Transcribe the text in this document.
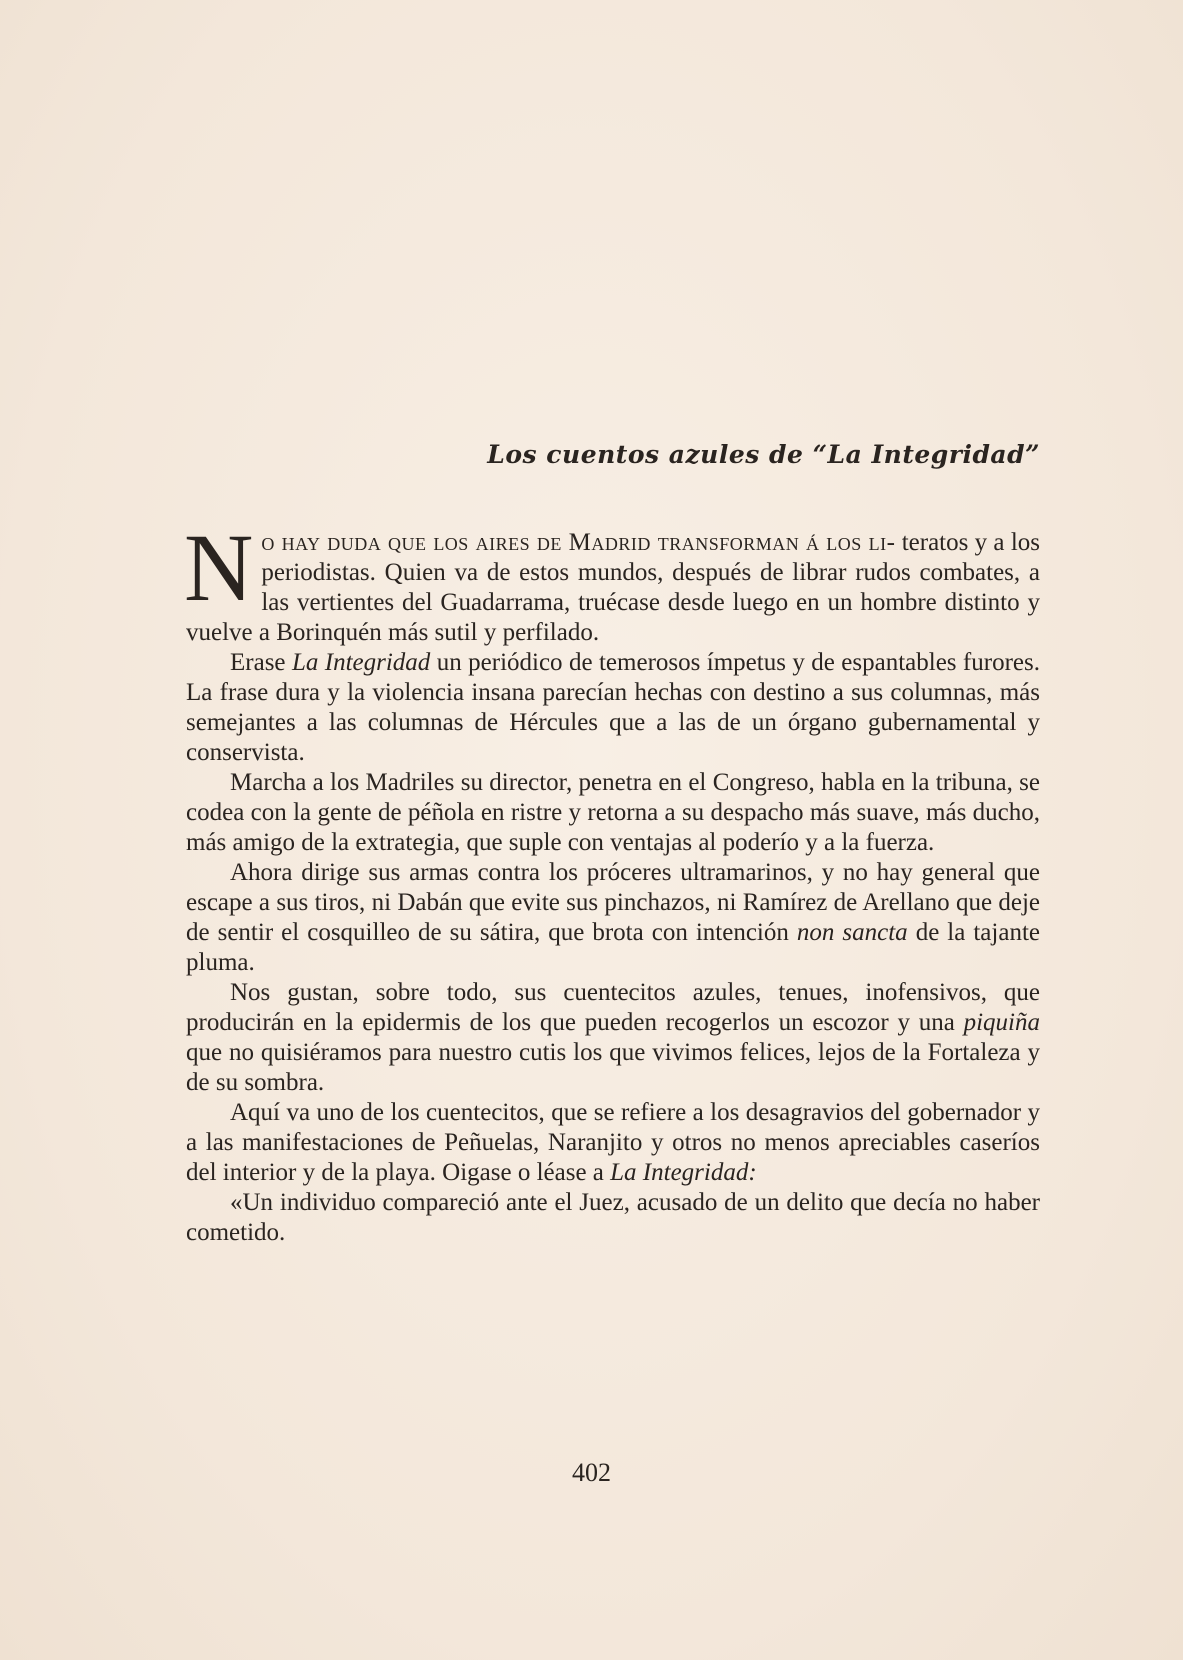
Los cuentos azules de “La Integridad”

No hay duda que los aires de Madrid transforman á los li- teratos y a los periodistas. Quien va de estos mundos, después de librar rudos combates, a las vertientes del Guadarrama, truécase desde luego en un hombre distinto y vuelve a Borinquén más sutil y perfilado.

Erase La Integridad un periódico de temerosos ímpetus y de espantables furores. La frase dura y la violencia insana parecían hechas con destino a sus columnas, más semejantes a las columnas de Hércules que a las de un órgano gubernamental y conservista.

Marcha a los Madriles su director, penetra en el Congreso, habla en la tribuna, se codea con la gente de péñola en ristre y retorna a su despacho más suave, más ducho, más amigo de la extrategia, que suple con ventajas al poderío y a la fuerza.

Ahora dirige sus armas contra los próceres ultramarinos, y no hay general que escape a sus tiros, ni Dabán que evite sus pinchazos, ni Ramírez de Arellano que deje de sentir el cosquilleo de su sátira, que brota con intención non sancta de la tajante pluma.

Nos gustan, sobre todo, sus cuentecitos azules, tenues, inofensivos, que producirán en la epidermis de los que pueden recogerlos un escozor y una piquiña que no quisiéramos para nuestro cutis los que vivimos felices, lejos de la Fortaleza y de su sombra.

Aquí va uno de los cuentecitos, que se refiere a los desagravios del gobernador y a las manifestaciones de Peñuelas, Naranjito y otros no menos apreciables caseríos del interior y de la playa. Oigase o léase a La Integridad:

«Un individuo compareció ante el Juez, acusado de un delito que decía no haber cometido.

402
